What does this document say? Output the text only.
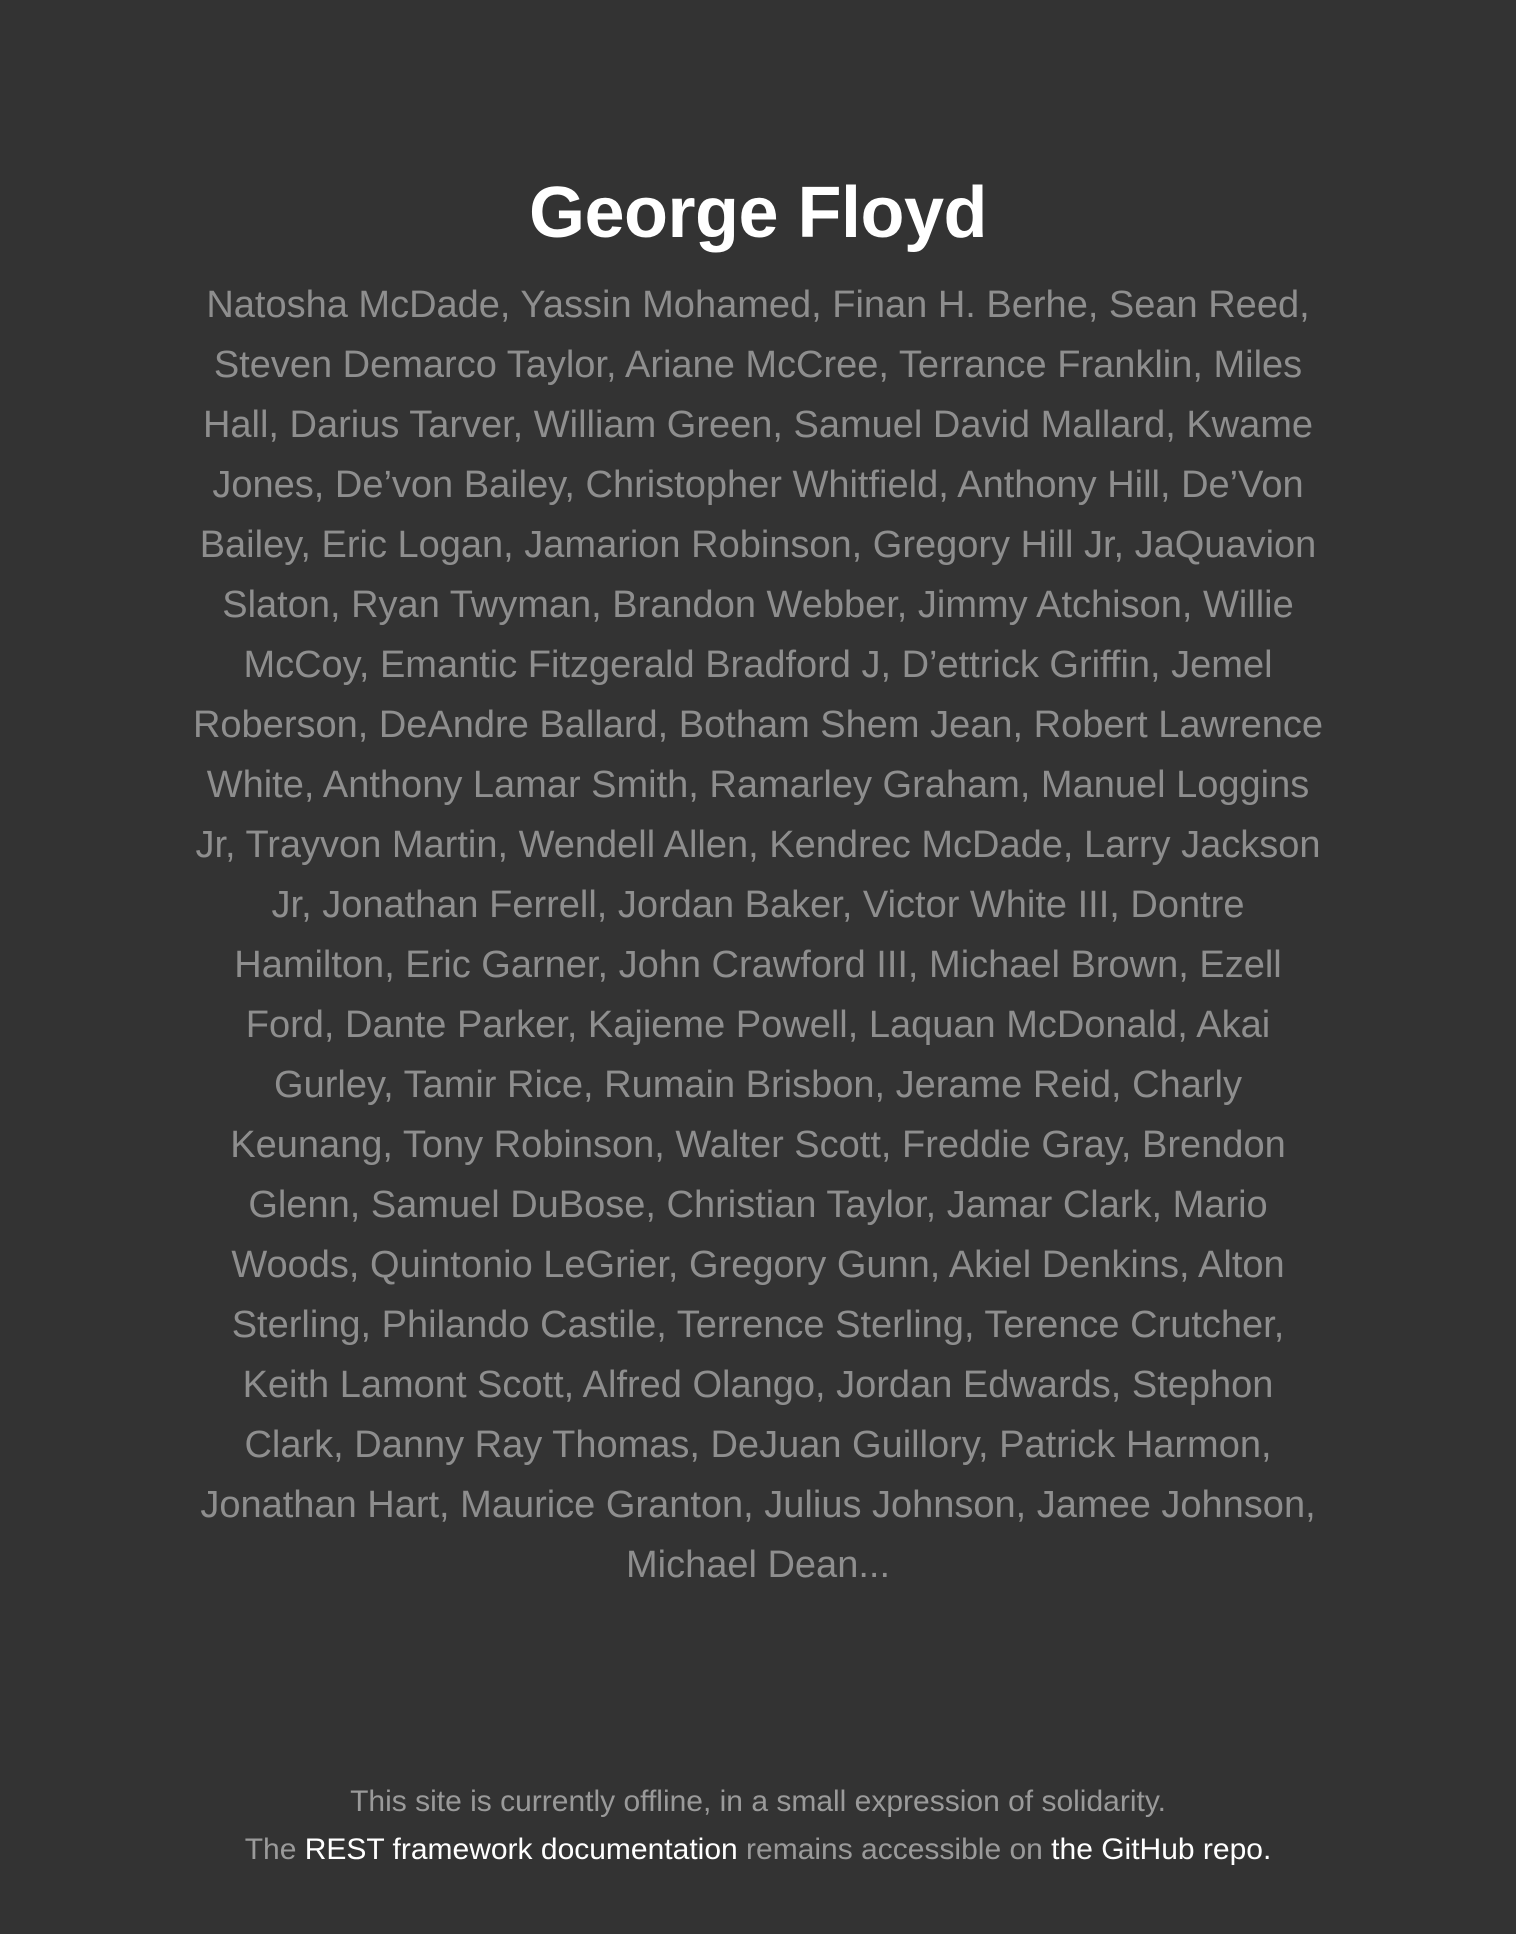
George Floyd

Natosha McDade, Yassin Mohamed, Finan H. Berhe, Sean Reed, Steven Demarco Taylor, Ariane McCree, Terrance Franklin, Miles Hall, Darius Tarver, William Green, Samuel David Mallard, Kwame Jones, De’von Bailey, Christopher Whitfield, Anthony Hill, De’Von Bailey, Eric Logan, Jamarion Robinson, Gregory Hill Jr, JaQuavion Slaton, Ryan Twyman, Brandon Webber, Jimmy Atchison, Willie McCoy, Emantic Fitzgerald Bradford J, D’ettrick Griffin, Jemel Roberson, DeAndre Ballard, Botham Shem Jean, Robert Lawrence White, Anthony Lamar Smith, Ramarley Graham, Manuel Loggins Jr, Trayvon Martin, Wendell Allen, Kendrec McDade, Larry Jackson Jr, Jonathan Ferrell, Jordan Baker, Victor White III, Dontre Hamilton, Eric Garner, John Crawford III, Michael Brown, Ezell Ford, Dante Parker, Kajieme Powell, Laquan McDonald, Akai Gurley, Tamir Rice, Rumain Brisbon, Jerame Reid, Charly Keunang, Tony Robinson, Walter Scott, Freddie Gray, Brendon Glenn, Samuel DuBose, Christian Taylor, Jamar Clark, Mario Woods, Quintonio LeGrier, Gregory Gunn, Akiel Denkins, Alton Sterling, Philando Castile, Terrence Sterling, Terence Crutcher, Keith Lamont Scott, Alfred Olango, Jordan Edwards, Stephon Clark, Danny Ray Thomas, DeJuan Guillory, Patrick Harmon, Jonathan Hart, Maurice Granton, Julius Johnson, Jamee Johnson, Michael Dean...

This site is currently offline, in a small expression of solidarity.

The REST framework documentation remains accessible on the GitHub repo.
